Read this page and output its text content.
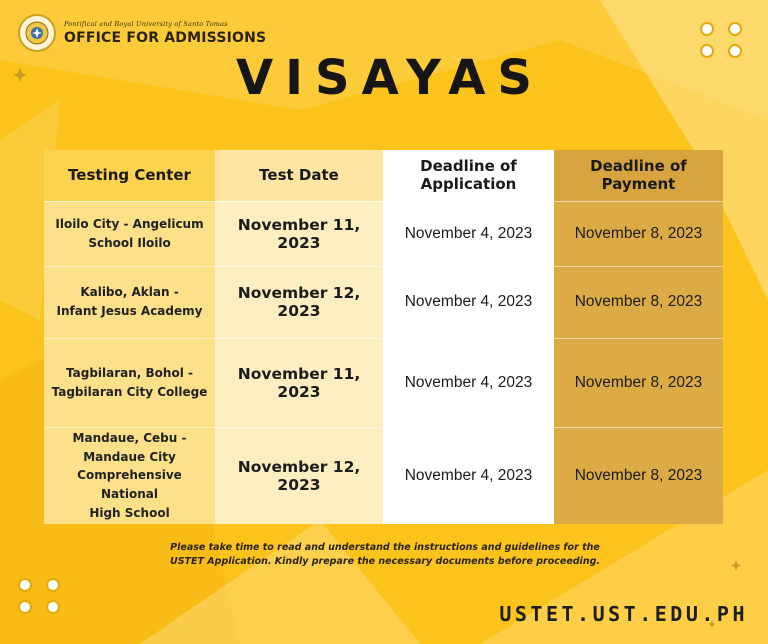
Pontifical and Royal University of Santo Tomas
OFFICE FOR ADMISSIONS
VISAYAS
Testing Center	Test Date	Deadline of Application	Deadline of Payment

Iloilo City - Angelicum
School Iloilo	November 11, 2023	November 4, 2023	November 8, 2023

Kalibo, Aklan -
Infant Jesus Academy	November 12, 2023	November 4, 2023	November 8, 2023

Tagbilaran, Bohol -
Tagbilaran City College	November 11, 2023	November 4, 2023	November 8, 2023

Mandaue, Cebu -
Mandaue City
Comprehensive National
High School	November 12, 2023	November 4, 2023	November 8, 2023
Please take time to read and understand the instructions and guidelines for the
USTET Application. Kindly prepare the necessary documents before proceeding.
USTET.UST.EDU.PH
